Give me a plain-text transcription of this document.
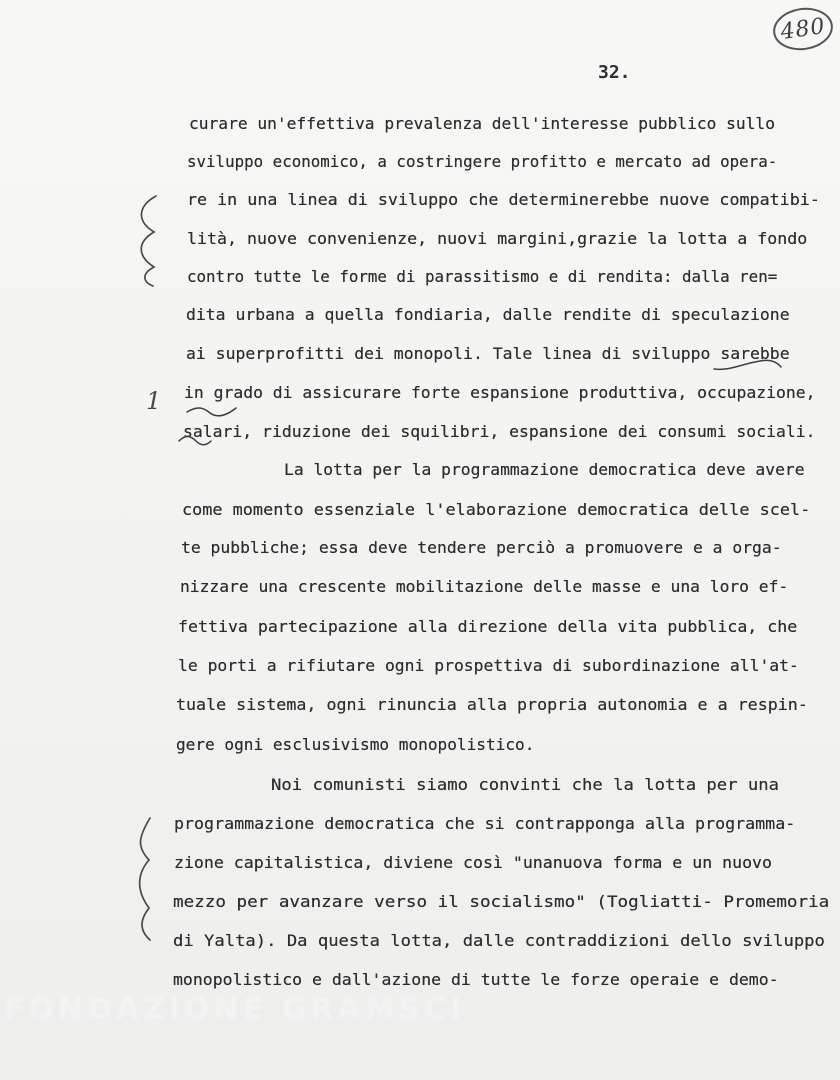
480
32.
curare un'effettiva prevalenza dell'interesse pubblico sullo
sviluppo economico, a costringere profitto e mercato ad opera-
re in una linea di sviluppo che determinerebbe nuove compatibi-
lità, nuove convenienze, nuovi margini,grazie la lotta a fondo
contro tutte le forme di parassitismo e di rendita: dalla ren=
dita urbana a quella fondiaria, dalle rendite di speculazione
ai superprofitti dei monopoli. Tale linea di sviluppo sarebbe
in grado di assicurare forte espansione produttiva, occupazione,
salari, riduzione dei squilibri, espansione dei consumi sociali.
La lotta per la programmazione democratica deve avere
come momento essenziale l'elaborazione democratica delle scel-
te pubbliche; essa deve tendere perciò a promuovere e a orga-
nizzare una crescente mobilitazione delle masse e una loro ef-
fettiva partecipazione alla direzione della vita pubblica, che
le porti a rifiutare ogni prospettiva di subordinazione all'at-
tuale sistema, ogni rinuncia alla propria autonomia e a respin-
gere ogni esclusivismo monopolistico.
Noi comunisti siamo convinti che la lotta per una
programmazione democratica che si contrapponga alla programma-
zione capitalistica, diviene così "unanuova forma e un nuovo
mezzo per avanzare verso il socialismo" (Togliatti- Promemoria
di Yalta). Da questa lotta, dalle contraddizioni dello sviluppo
monopolistico e dall'azione di tutte le forze operaie e demo-
1
FONDAZIONE GRAMSCI
